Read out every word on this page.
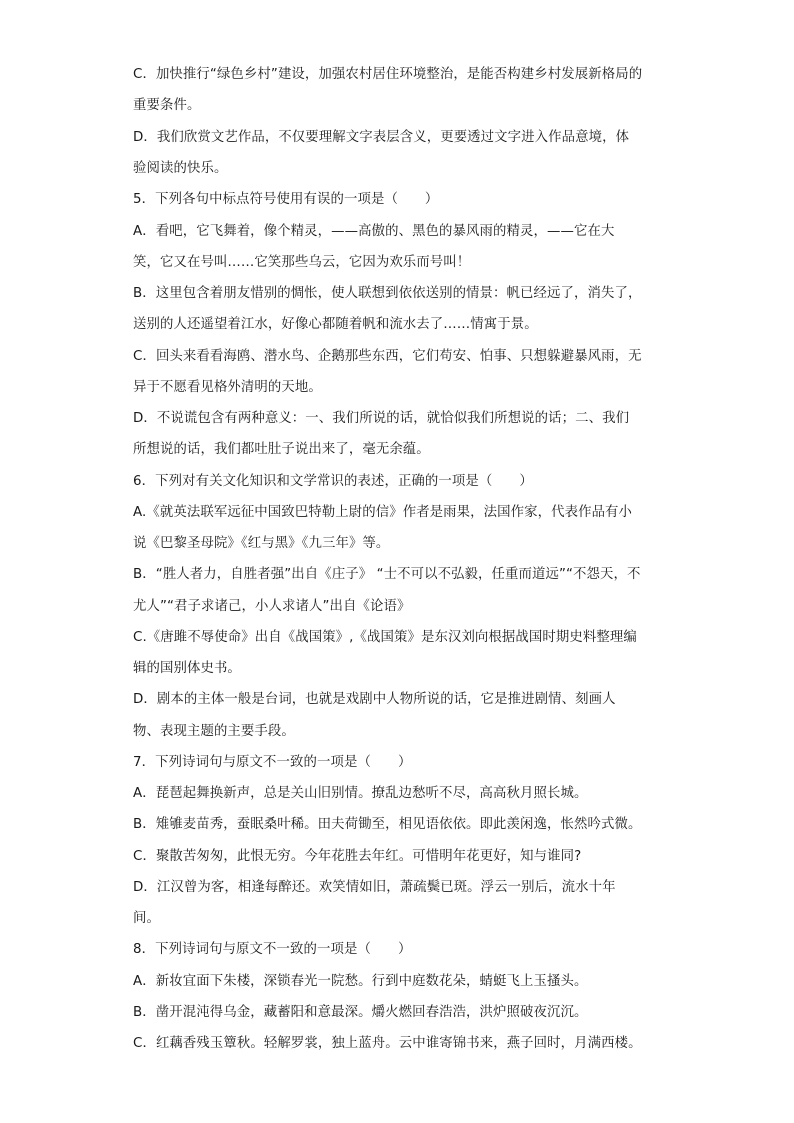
C．加快推行“绿色乡村”建设，加强农村居住环境整治，是能否构建乡村发展新格局的
重要条件。
D．我们欣赏文艺作品，不仅要理解文字表层含义，更要透过文字进入作品意境，体
验阅读的快乐。
5．下列各句中标点符号使用有误的一项是（　　）
A．看吧，它飞舞着，像个精灵，——高傲的、黑色的暴风雨的精灵，——它在大
笑，它又在号叫……它笑那些乌云，它因为欢乐而号叫！
B．这里包含着朋友惜别的惆怅，使人联想到依依送别的情景：帆已经远了，消失了，
送别的人还遥望着江水，好像心都随着帆和流水去了……情寓于景。
C．回头来看看海鸥、潜水鸟、企鹅那些东西，它们苟安、怕事、只想躲避暴风雨，无
异于不愿看见格外清明的天地。
D．不说谎包含有两种意义：一、我们所说的话，就恰似我们所想说的话；二、我们
所想说的话，我们都吐肚子说出来了，毫无余蕴。
6．下列对有关文化知识和文学常识的表述，正确的一项是（　　）
A.《就英法联军远征中国致巴特勒上尉的信》作者是雨果，法国作家，代表作品有小
说《巴黎圣母院》《红与黑》《九三年》等。
B．“胜人者力，自胜者强”出自《庄子》 “士不可以不弘毅，任重而道远”“不怨天，不
尤人”“君子求诸己，小人求诸人”出自《论语》
C.《唐雎不辱使命》出自《战国策》,《战国策》是东汉刘向根据战国时期史料整理编
辑的国别体史书。
D．剧本的主体一般是台词，也就是戏剧中人物所说的话，它是推进剧情、刻画人
物、表现主题的主要手段。
7．下列诗词句与原文不一致的一项是（　　）
A．琵琶起舞换新声，总是关山旧别情。撩乱边愁听不尽，高高秋月照长城。
B．雉雊麦苗秀，蚕眠桑叶稀。田夫荷锄至，相见语依依。即此羡闲逸，怅然吟式微。
C．聚散苦匆匆，此恨无穷。今年花胜去年红。可惜明年花更好，知与谁同?
D．江汉曾为客，相逢每醉还。欢笑情如旧，萧疏鬓已斑。浮云一别后，流水十年
间。
8．下列诗词句与原文不一致的一项是（　　）
A．新妆宜面下朱楼，深锁春光一院愁。行到中庭数花朵，蜻蜓飞上玉搔头。
B．凿开混沌得乌金，藏蓄阳和意最深。爝火燃回春浩浩，洪炉照破夜沉沉。
C．红藕香残玉簟秋。轻解罗裳，独上蓝舟。云中谁寄锦书来，燕子回时，月满西楼。
